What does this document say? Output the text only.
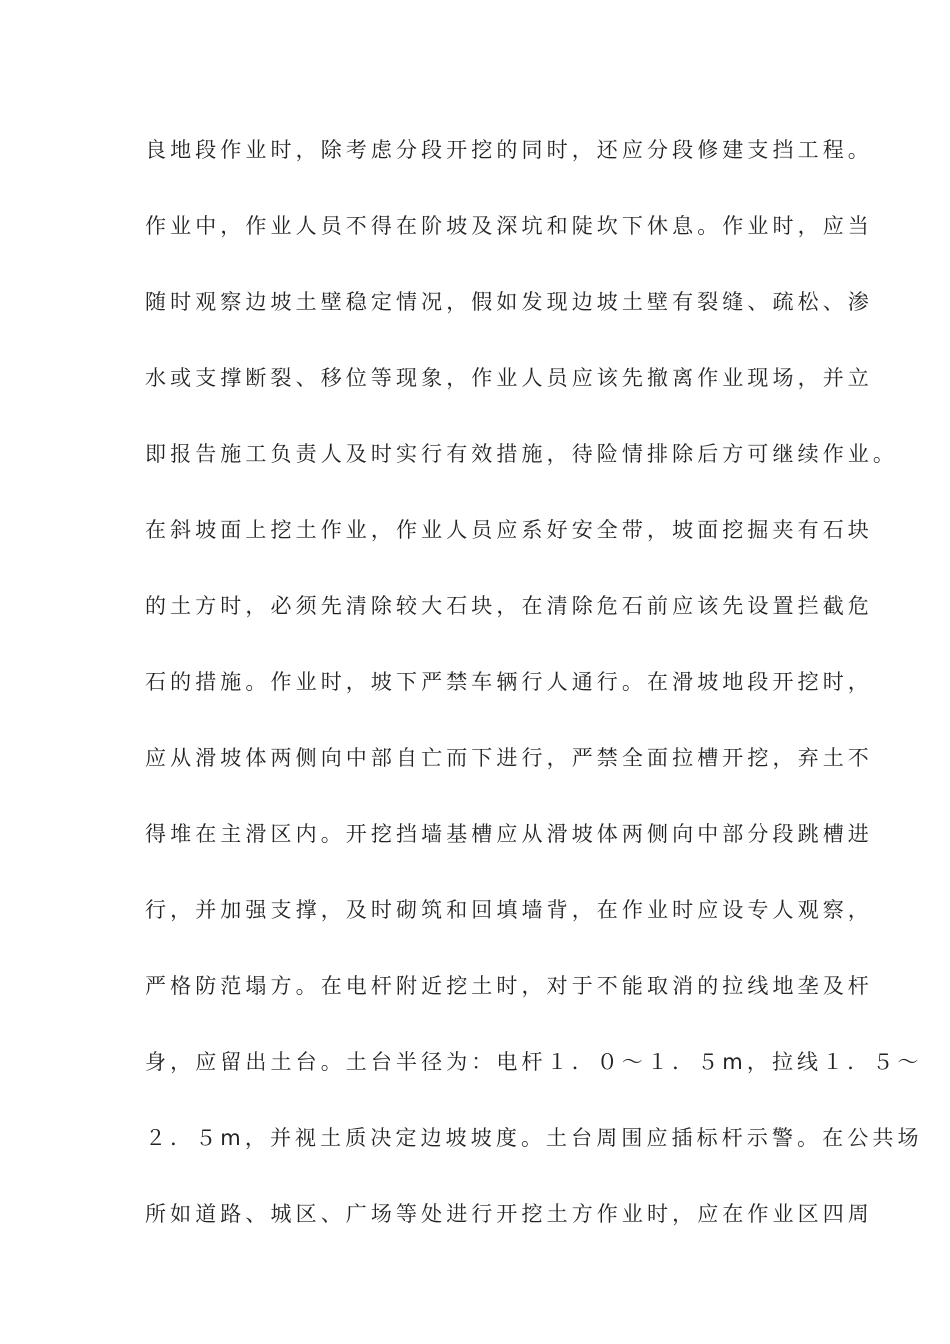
良地段作业时，除考虑分段开挖的同时，还应分段修建支挡工程。
作业中，作业人员不得在阶坡及深坑和陡坎下休息。作业时，应当
随时观察边坡土壁稳定情况，假如发现边坡土壁有裂缝、疏松、渗
水或支撑断裂、移位等现象，作业人员应该先撤离作业现场，并立
即报告施工负责人及时实行有效措施，待险情排除后方可继续作业。
在斜坡面上挖土作业，作业人员应系好安全带，坡面挖掘夹有石块
的土方时，必须先清除较大石块，在清除危石前应该先设置拦截危
石的措施。作业时，坡下严禁车辆行人通行。在滑坡地段开挖时，
应从滑坡体两侧向中部自亡而下进行，严禁全面拉槽开挖，弃土不
得堆在主滑区内。开挖挡墙基槽应从滑坡体两侧向中部分段跳槽进
行，并加强支撑，及时砌筑和回填墙背，在作业时应设专人观察，
严格防范塌方。在电杆附近挖土时，对于不能取消的拉线地垄及杆
身，应留出土台。土台半径为：电杆１．０～１．５m，拉线１．５～
２．５m，并视土质决定边坡坡度。土台周围应插标杆示警。在公共场
所如道路、城区、广场等处进行开挖土方作业时，应在作业区四周
